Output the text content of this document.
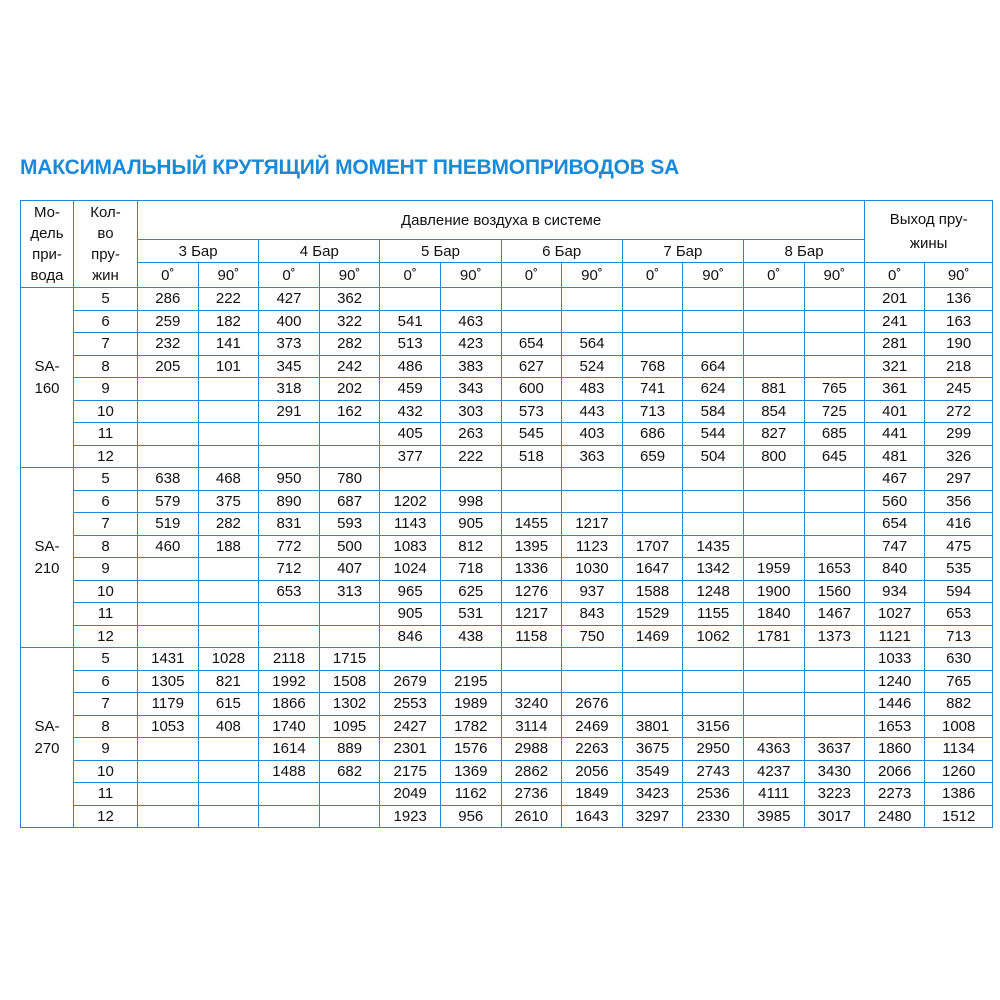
МАКСИМАЛЬНЫЙ КРУТЯЩИЙ МОМЕНТ ПНЕВМОПРИВОДОВ SA
Мо-
дель
при-
вода	Кол-
во
пру-
жин	Давление воздуха в системе												Выход пру-
жины	

		3 Бар		4 Бар		5 Бар		6 Бар		7 Бар		8 Бар			
		0˚	90˚	0˚	90˚	0˚	90˚	0˚	90˚	0˚	90˚	0˚	90˚	0˚	90˚

SA-
160	5	286	222	427	362									201	136
	6	259	182	400	322	541	463							241	163
	7	232	141	373	282	513	423	654	564					281	190
	8	205	101	345	242	486	383	627	524	768	664			321	218
	9			318	202	459	343	600	483	741	624	881	765	361	245
	10			291	162	432	303	573	443	713	584	854	725	401	272
	11					405	263	545	403	686	544	827	685	441	299
	12					377	222	518	363	659	504	800	645	481	326

SA-
210	5	638	468	950	780									467	297
	6	579	375	890	687	1202	998							560	356
	7	519	282	831	593	1143	905	1455	1217					654	416
	8	460	188	772	500	1083	812	1395	1123	1707	1435			747	475
	9			712	407	1024	718	1336	1030	1647	1342	1959	1653	840	535
	10			653	313	965	625	1276	937	1588	1248	1900	1560	934	594
	11					905	531	1217	843	1529	1155	1840	1467	1027	653
	12					846	438	1158	750	1469	1062	1781	1373	1121	713

SA-
270	5	1431	1028	2118	1715									1033	630
	6	1305	821	1992	1508	2679	2195							1240	765
	7	1179	615	1866	1302	2553	1989	3240	2676					1446	882
	8	1053	408	1740	1095	2427	1782	3114	2469	3801	3156			1653	1008
	9			1614	889	2301	1576	2988	2263	3675	2950	4363	3637	1860	1134
	10			1488	682	2175	1369	2862	2056	3549	2743	4237	3430	2066	1260
	11					2049	1162	2736	1849	3423	2536	4111	3223	2273	1386
	12					1923	956	2610	1643	3297	2330	3985	3017	2480	1512
